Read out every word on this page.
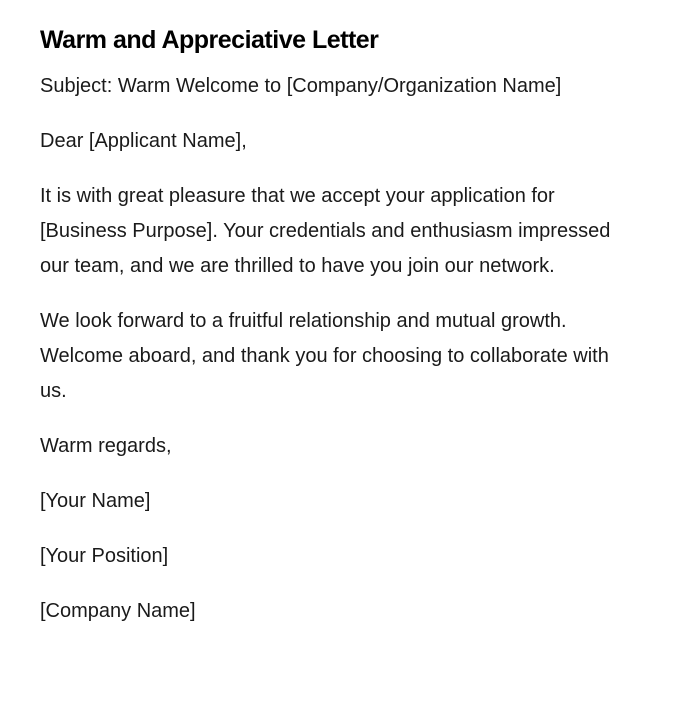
Warm and Appreciative Letter

Subject: Warm Welcome to [Company/Organization Name]

Dear [Applicant Name],

It is with great pleasure that we accept your application for [Business Purpose]. Your credentials and enthusiasm impressed our team, and we are thrilled to have you join our network.

We look forward to a fruitful relationship and mutual growth. Welcome aboard, and thank you for choosing to collaborate with us.

Warm regards,

[Your Name]

[Your Position]

[Company Name]
